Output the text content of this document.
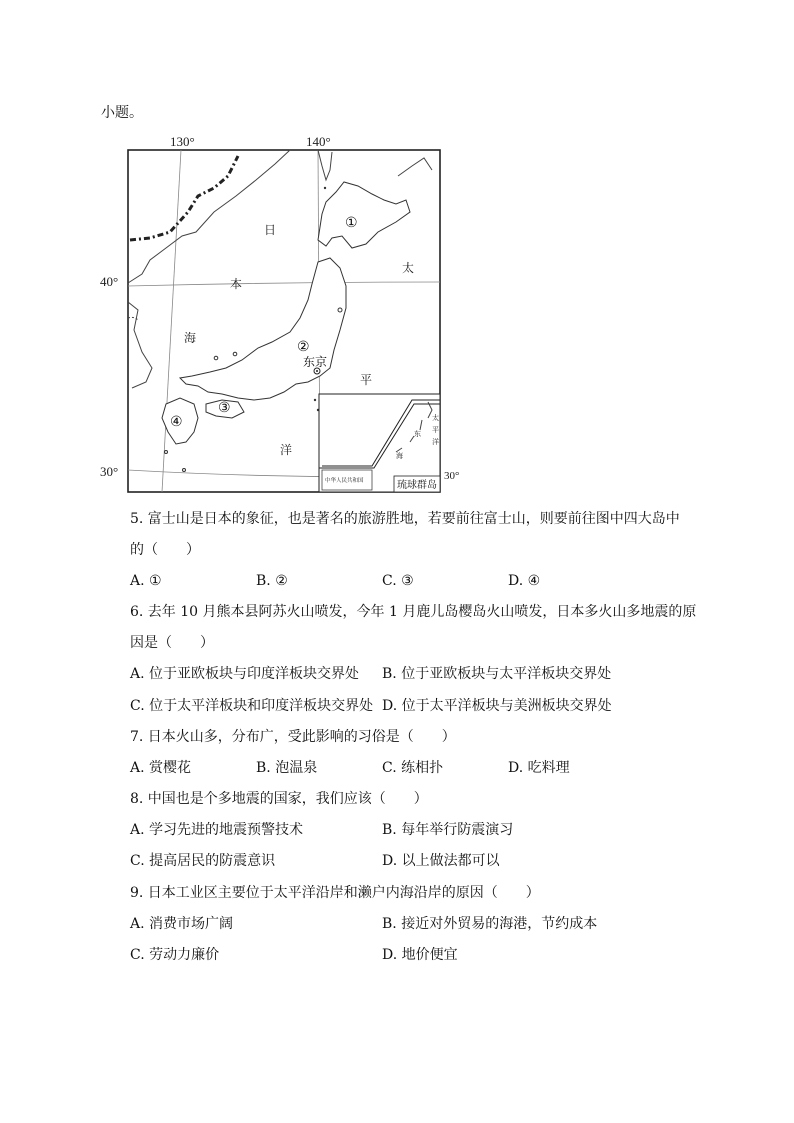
小题。
130°	140°
40°
30°	30°
日
本
海
太
平
洋
①
②
③
④
东京
太
平
洋
东
海
中华人民共和国	琉球群岛
5. 富士山是日本的象征，也是著名的旅游胜地，若要前往富士山，则要前往图中四大岛中
的（　　）
A. ①	B. ②	C. ③	D. ④
6. 去年 10 月熊本县阿苏火山喷发，今年 1 月鹿儿岛樱岛火山喷发，日本多火山多地震的原
因是（　　）
A. 位于亚欧板块与印度洋板块交界处 B. 位于亚欧板块与太平洋板块交界处
C. 位于太平洋板块和印度洋板块交界处 D. 位于太平洋板块与美洲板块交界处
7. 日本火山多，分布广，受此影响的习俗是（　　）
A. 赏樱花	B. 泡温泉	C. 练相扑	D. 吃料理
8. 中国也是个多地震的国家，我们应该（　　）
A. 学习先进的地震预警技术	B. 每年举行防震演习
C. 提高居民的防震意识	D. 以上做法都可以
9. 日本工业区主要位于太平洋沿岸和濑户内海沿岸的原因（　　）
A. 消费市场广阔	B. 接近对外贸易的海港，节约成本
C. 劳动力廉价	D. 地价便宜
